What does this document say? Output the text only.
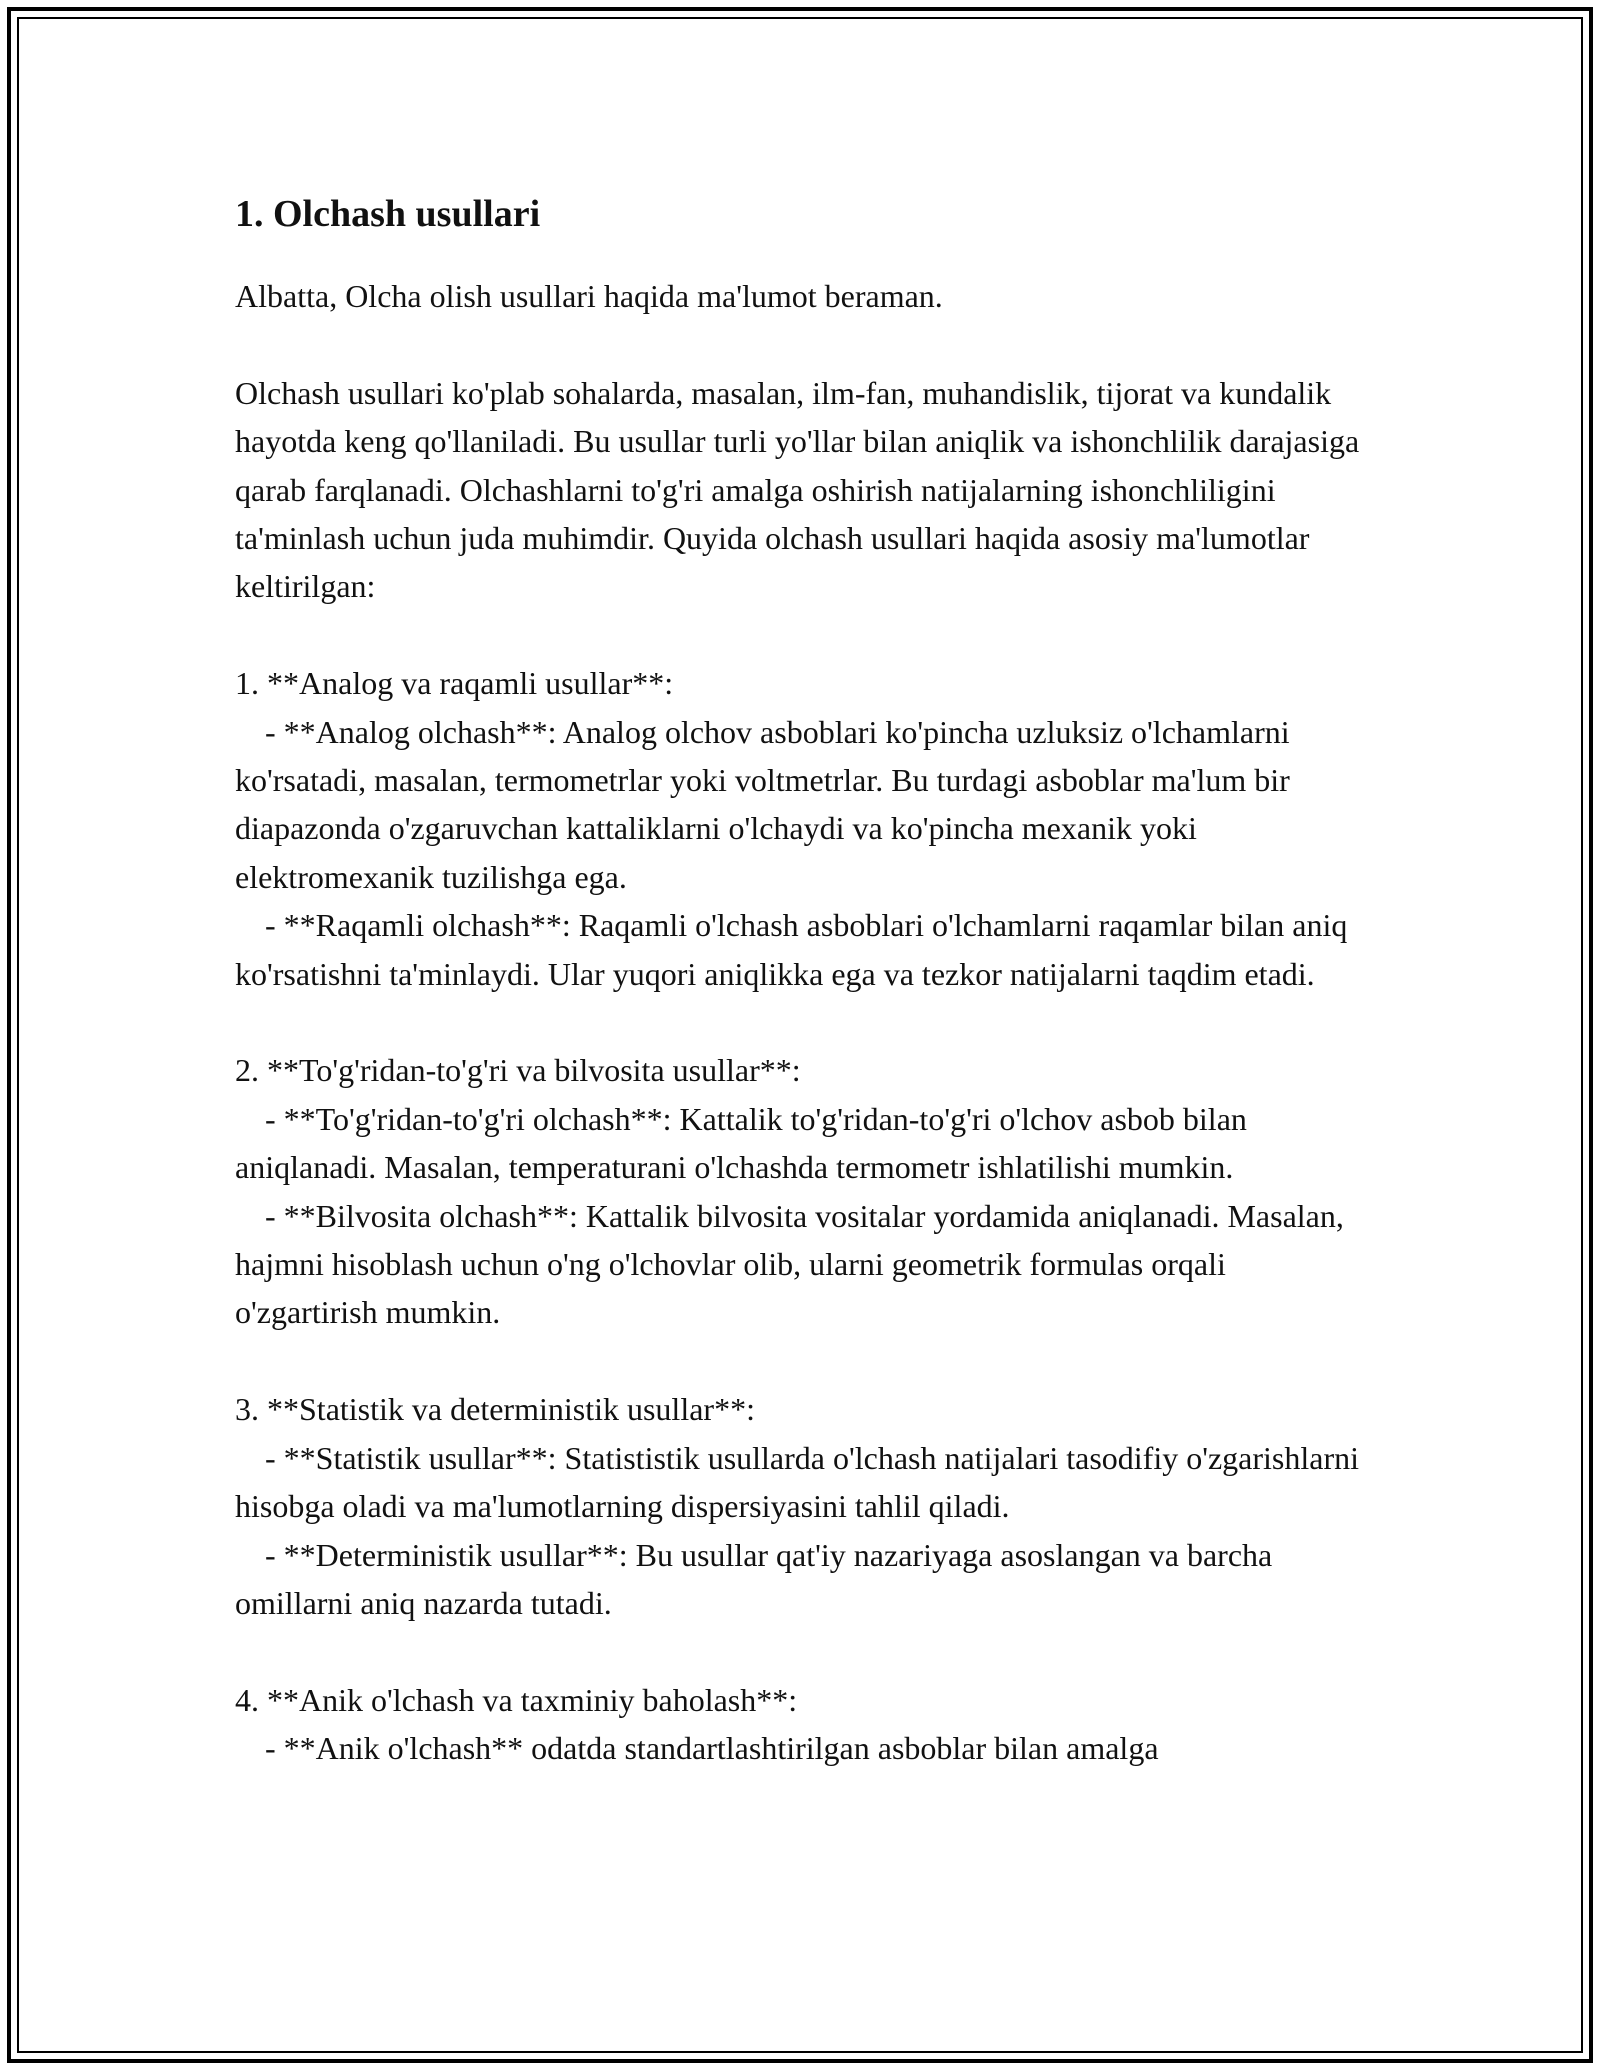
1. Olchash usullari

Albatta, Olcha olish usullari haqida ma'lumot beraman.

Olchash usullari ko'plab sohalarda, masalan, ilm-fan, muhandislik, tijorat va kundalik hayotda keng qo'llaniladi. Bu usullar turli yo'llar bilan aniqlik va ishonchlilik darajasiga qarab farqlanadi. Olchashlarni to'g'ri amalga oshirish natijalarning ishonchliligini ta'minlash uchun juda muhimdir. Quyida olchash usullari haqida asosiy ma'lumotlar keltirilgan:

1. **Analog va raqamli usullar**:

- **Analog olchash**: Analog olchov asboblari ko'pincha uzluksiz o'lchamlarni ko'rsatadi, masalan, termometrlar yoki voltmetrlar. Bu turdagi asboblar ma'lum bir diapazonda o'zgaruvchan kattaliklarni o'lchaydi va ko'pincha mexanik yoki elektromexanik tuzilishga ega.

- **Raqamli olchash**: Raqamli o'lchash asboblari o'lchamlarni raqamlar bilan aniq ko'rsatishni ta'minlaydi. Ular yuqori aniqlikka ega va tezkor natijalarni taqdim etadi.

2. **To'g'ridan-to'g'ri va bilvosita usullar**:

- **To'g'ridan-to'g'ri olchash**: Kattalik to'g'ridan-to'g'ri o'lchov asbob bilan aniqlanadi. Masalan, temperaturani o'lchashda termometr ishlatilishi mumkin.

- **Bilvosita olchash**: Kattalik bilvosita vositalar yordamida aniqlanadi. Masalan, hajmni hisoblash uchun o'ng o'lchovlar olib, ularni geometrik formulas orqali o'zgartirish mumkin.

3. **Statistik va deterministik usullar**:

- **Statistik usullar**: Statististik usullarda o'lchash natijalari tasodifiy o'zgarishlarni hisobga oladi va ma'lumotlarning dispersiyasini tahlil qiladi.

- **Deterministik usullar**: Bu usullar qat'iy nazariyaga asoslangan va barcha omillarni aniq nazarda tutadi.

4. **Anik o'lchash va taxminiy baholash**:

- **Anik o'lchash** odatda standartlashtirilgan asboblar bilan amalga
